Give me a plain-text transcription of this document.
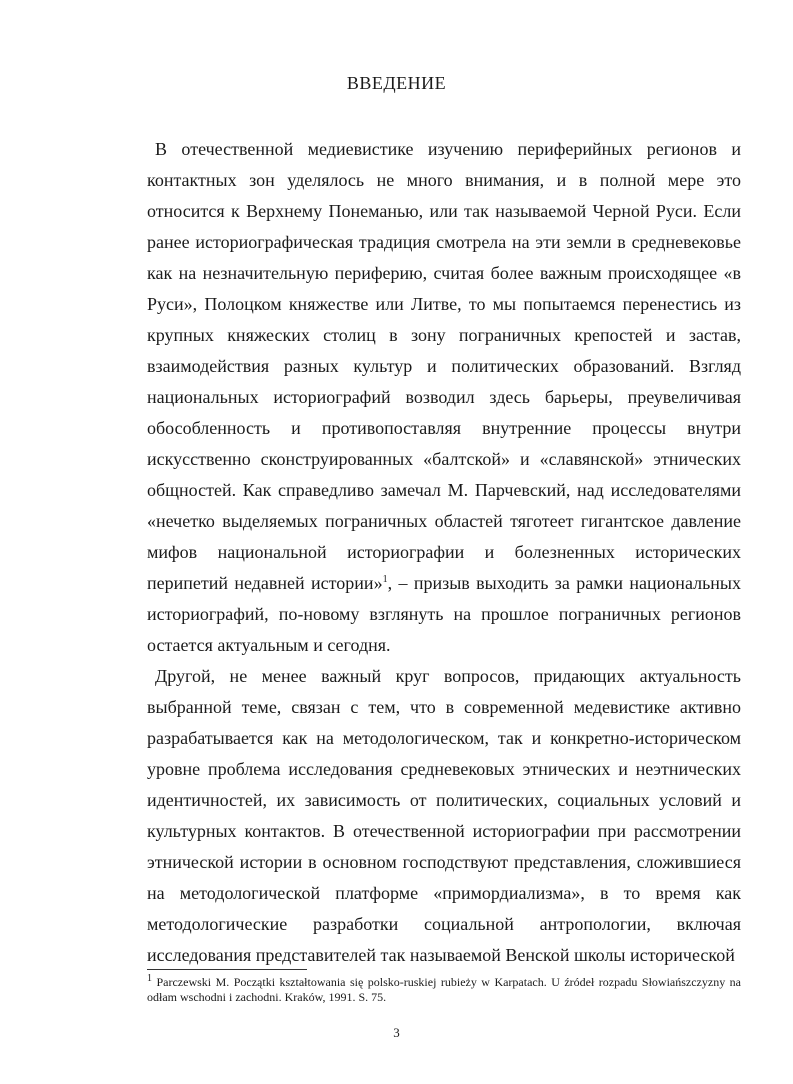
ВВЕДЕНИЕ

В отечественной медиевистике изучению периферийных регионов и контактных зон уделялось не много внимания, и в полной мере это относится к Верхнему Понеманью, или так называемой Черной Руси. Если ранее историографическая традиция смотрела на эти земли в средневековье как на незначительную периферию, считая более важным происходящее «в Руси», Полоцком княжестве или Литве, то мы попытаемся перенестись из крупных княжеских столиц в зону пограничных крепостей и застав, взаимодействия разных культур и политических образований. Взгляд национальных историографий возводил здесь барьеры, преувеличивая обособленность и противопоставляя внутренние процессы внутри искусственно сконструированных «балтской» и «славянской» этнических общностей. Как справедливо замечал М. Парчевский, над исследователями «нечетко выделяемых пограничных областей тяготеет гигантское давление мифов национальной историографии и болезненных исторических перипетий недавней истории»$^1$, – призыв выходить за рамки национальных историографий, по-новому взглянуть на прошлое пограничных регионов остается актуальным и сегодня.

Другой, не менее важный круг вопросов, придающих актуальность выбранной теме, связан с тем, что в современной медевистике активно разрабатывается как на методологическом, так и конкретно-историческом уровне проблема исследования средневековых этнических и неэтнических идентичностей, их зависимость от политических, социальных условий и культурных контактов. В отечественной историографии при рассмотрении этнической истории в основном господствуют представления, сложившиеся на методологической платформе «примордиализма», в то время как методологические разработки социальной антропологии, включая исследования представителей так называемой Венской школы исторической

$^1$ Parczewski M. Początki kształtowania się polsko-ruskiej rubieży w Karpatach. U źródeł rozpadu Słowiańszczyzny na odłam wschodni i zachodni. Kraków, 1991. S. 75.
3
